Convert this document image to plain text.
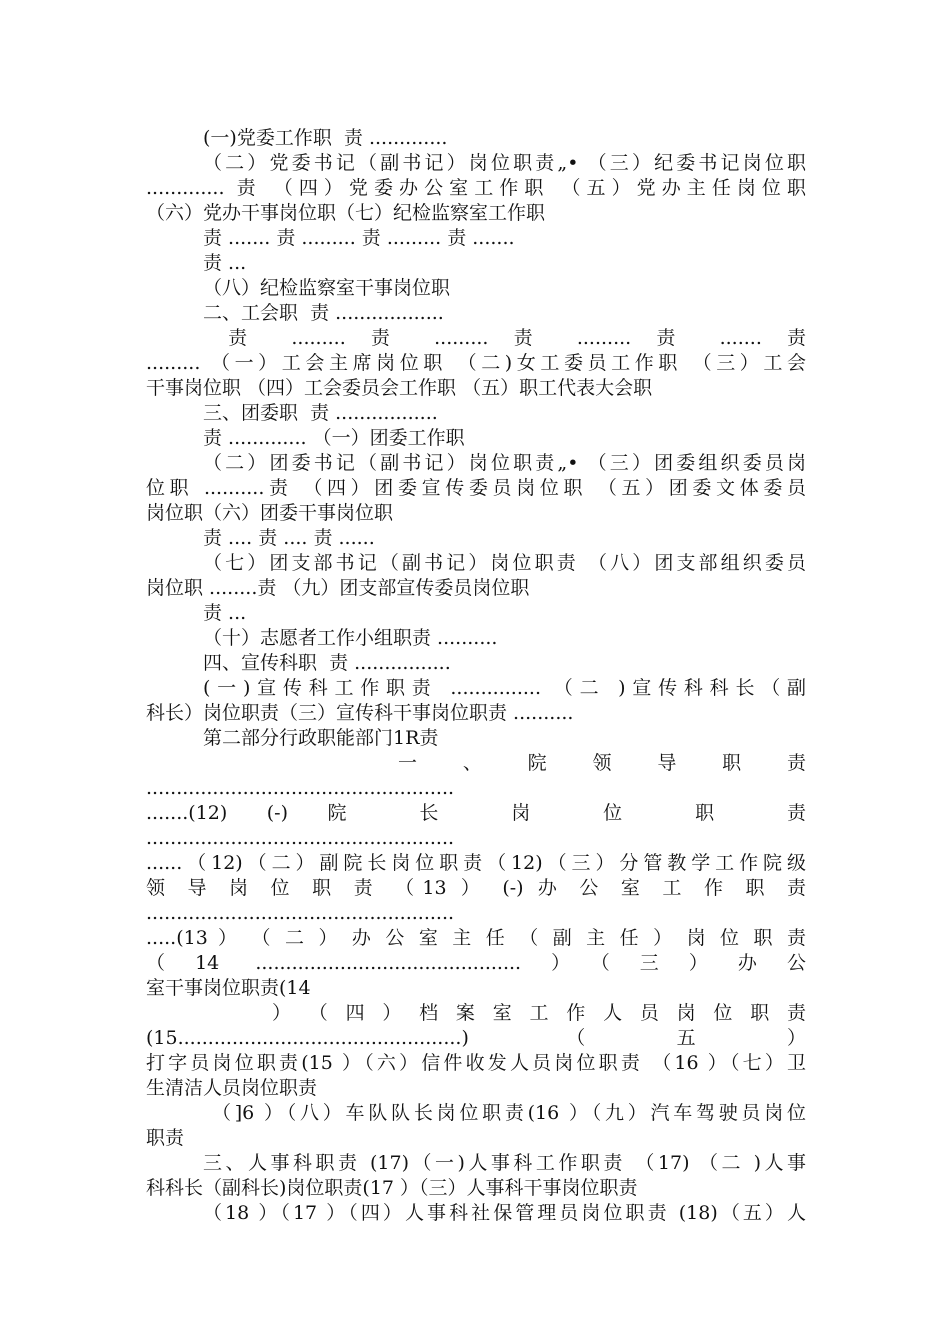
(一)党委工作职  责 .............
（二）党委书记（副书记）岗位职责„• （三）纪委书记岗位职
............. 责 （四）党委办公室工作职 （五）党办主任岗位职
（六）党办干事岗位职（七）纪检监察室工作职
责 ....... 责 ......... 责 ......... 责 .......
责 ...
（八）纪检监察室干事岗位职
二、工会职  责 ..................
责 ......... 责 ......... 责 ......... 责 ....... 责
......... （一）工会主席岗位职 （二)女工委员工作职 （三）工会
干事岗位职 （四）工会委员会工作职 （五）职工代表大会职
三、团委职  责 .................
责 ............. （一）团委工作职
（二）团委书记（副书记）岗位职责„• （三）团委组织委员岗
位职 ..........责 （四）团委宣传委员岗位职 （五）团委文体委员
岗位职（六）团委干事岗位职
责 .... 责 .... 责 ......
（七）团支部书记（副书记）岗位职责 （八）团支部组织委员
岗位职 ........责 （九）团支部宣传委员岗位职
责 ...
（十）志愿者工作小组职责 ..........
四、宣传科职  责 ................
(一)宣传科工作职责 ............... （二 )宣传科科长（副
科长）岗位职责（三）宣传科干事岗位职责 ..........
第二部分行政职能部门1R责
一 、 院 领 导 职 责
...................................................
.......(12) (-) 院 长 岗 位 职 责
...................................................
......（12)（二）副院长岗位职责（12)（三）分管教学工作院级
领 导 岗 位 职 责 （13 ） (-) 办 公 室 工 作 职 责
...................................................
.....(13 ） （ 二 ） 办 公 室 主 任 （ 副 主 任 ） 岗 位 职 责
（14 ............................................）（三）办公
室干事岗位职责(14
） （ 四 ） 档 案 室 工 作 人 员 岗 位 职 责
(15...............................................) （五）
打字员岗位职责(15 ）（六）信件收发人员岗位职责 （16 ）（七）卫
生清洁人员岗位职责
（]6 ）（八）车队队长岗位职责(16 ）（九）汽车驾驶员岗位
职责
三、人事科职责 (17)（一)人事科工作职责 （17) （二 )人事
科科长（副科长)岗位职责(17 ）（三）人事科干事岗位职责
（18 ）（17 ）（四）人事科社保管理员岗位职责 (18)（五）人
